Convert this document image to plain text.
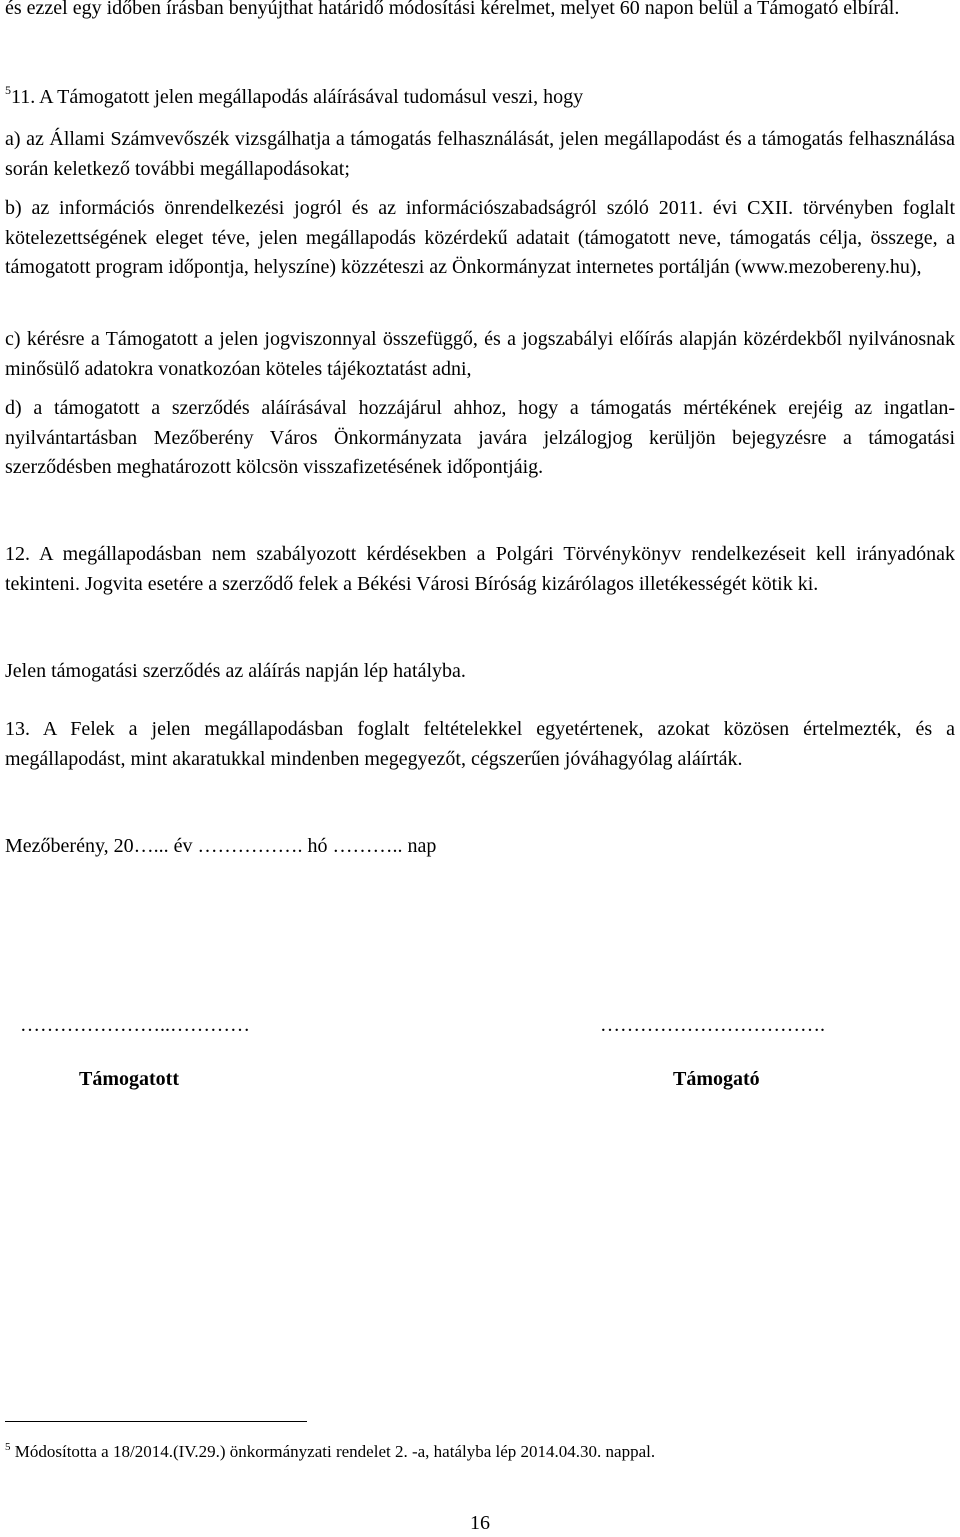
és ezzel egy időben írásban benyújthat határidő módosítási kérelmet, melyet 60 napon belül a Támogató elbírál.
$^5$11. A Támogatott jelen megállapodás aláírásával tudomásul veszi, hogy
a) az Állami Számvevőszék vizsgálhatja a támogatás felhasználását, jelen megállapodást és a támogatás felhasználása során keletkező további megállapodásokat;
b) az információs önrendelkezési jogról és az információszabadságról szóló 2011. évi CXII. törvényben foglalt kötelezettségének eleget téve, jelen megállapodás közérdekű adatait (támogatott neve, támogatás célja, összege, a támogatott program időpontja, helyszíne) közzéteszi az Önkormányzat internetes portálján (www.mezobereny.hu),
c) kérésre a Támogatott a jelen jogviszonnyal összefüggő, és a jogszabályi előírás alapján közérdekből nyilvánosnak minősülő adatokra vonatkozóan köteles tájékoztatást adni,
d) a támogatott a szerződés aláírásával hozzájárul ahhoz, hogy a támogatás mértékének erejéig az ingatlan-nyilvántartásban Mezőberény Város Önkormányzata javára jelzálogjog kerüljön bejegyzésre a támogatási szerződésben meghatározott kölcsön visszafizetésének időpontjáig.
12. A megállapodásban nem szabályozott kérdésekben a Polgári Törvénykönyv rendelkezéseit kell irányadónak tekinteni. Jogvita esetére a szerződő felek a Békési Városi Bíróság kizárólagos illetékességét kötik ki.
Jelen támogatási szerződés az aláírás napján lép hatályba.
13. A Felek a jelen megállapodásban foglalt feltételekkel egyetértenek, azokat közösen értelmezték, és a megállapodást, mint akaratukkal mindenben megegyezőt, cégszerűen jóváhagyólag aláírták.
Mezőberény, 20…... év ……………. hó ……….. nap
…………………..…………	…………………………….
Támogatott	Támogató
$^5$ Módosította a 18/2014.(IV.29.) önkormányzati rendelet 2. -a, hatályba lép 2014.04.30. nappal.
16
